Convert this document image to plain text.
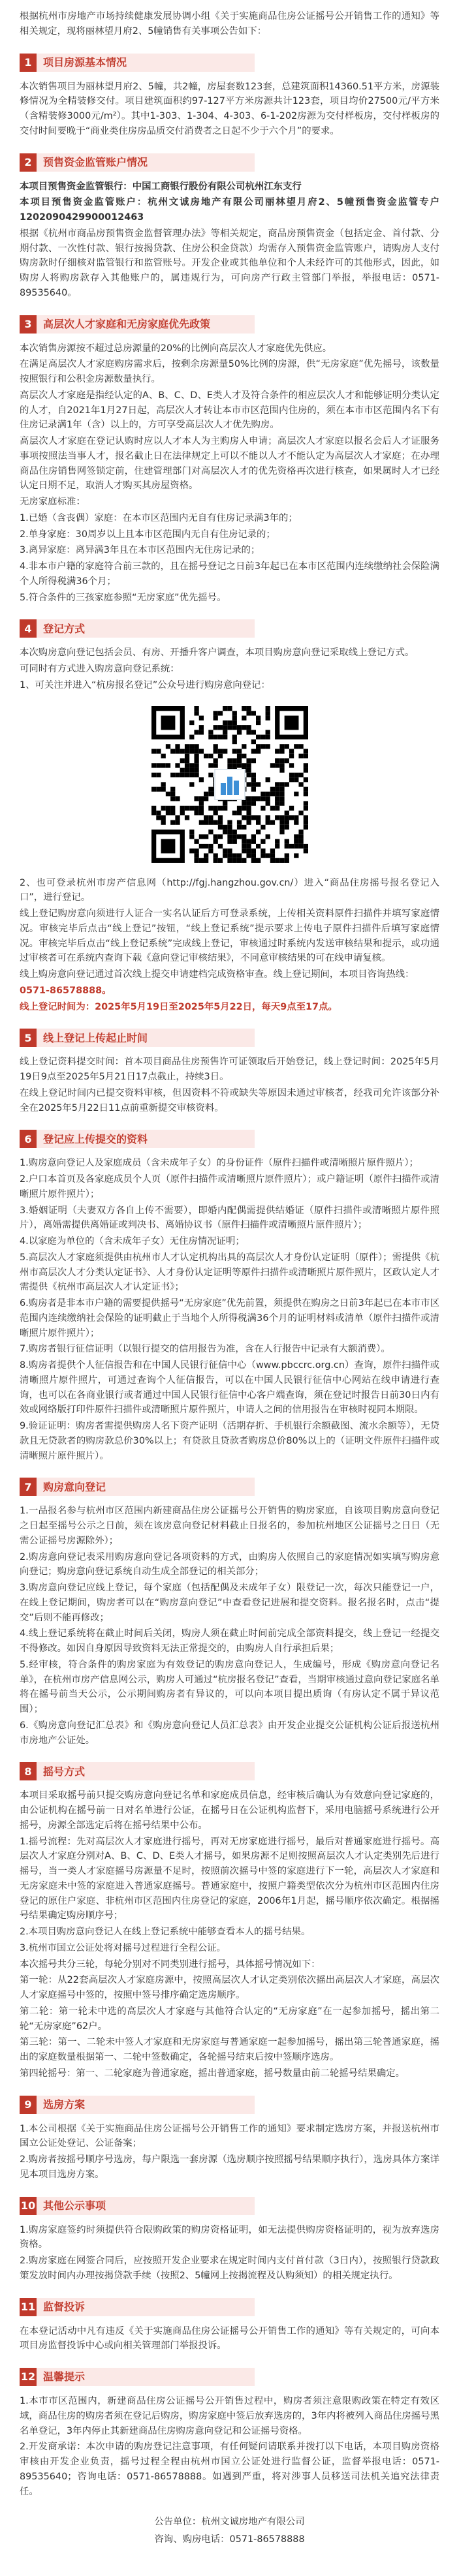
根据杭州市房地产市场持续健康发展协调小组《关于实施商品住房公证摇号公开销售工作的通知》等相关规定，现将丽林望月府2、5幢销售有关事项公告如下：

1	项目房源基本情况

本次销售项目为丽林望月府2、5幢，共2幢，房屋套数123套，总建筑面积14360.51平方米，房源装修情况为全精装修交付。项目建筑面积约97-127平方米房源共计123套，项目均价27500元/平方米（含精装修3000元/m²）。其中1-303、1-304、4-303、6-1-202房源为交付样板房，交付样板房的交付时间要晚于“商业类住房房品质交付消费者之日起不少于六个月”的要求。

2	预售资金监管账户情况

本项目预售资金监管银行：中国工商银行股份有限公司杭州江东支行

本项目预售资金监管账户：杭州文诚房地产有限公司丽林望月府2、5幢预售资金监管专户1202090429900012463

根据《杭州市商品房预售资金监督管理办法》等相关规定，商品房预售资金（包括定金、首付款、分期付款、一次性付款、银行按揭贷款、住房公积金贷款）均需存入预售资金监管账户，请购房人支付购房款时仔细核对监管银行和监管账号。开发企业或其他单位和个人未经许可的其他形式，因此，如购房人将购房款存入其他账户的，属违规行为，可向房产行政主管部门举报，举报电话：0571-89535640。

3	高层次人才家庭和无房家庭优先政策

本次销售房源按不超过总房源量的20%的比例向高层次人才家庭优先供应。

在满足高层次人才家庭购房需求后，按剩余房源量50%比例的房源，供“无房家庭”优先摇号，该数量按照银行和公积金房源数量执行。

高层次人才家庭是指经认定的A、B、C、D、E类人才及符合条件的相应层次人才和能够证明分类认定的人才，自2021年1月27日起，高层次人才转让本市市区范围内住房的，须在本市市区范围内名下有住房记录满1年（含）以上的，方可享受高层次人才优先购房。

高层次人才家庭在登记认购时应以人才本人为主购房人申请；高层次人才家庭以报名会后人才证服务事项按照法当事人才，报名截止日在法律规定上可以不能以人才不能认定为高层次人才家庭；在办理商品住房销售网签锁定前，住建管理部门对高层次人才的优先资格再次进行核查，如果属时人才已经认定日期不足，取消人才购买其房屋资格。

无房家庭标准：

1.已婚（含丧偶）家庭：在本市区范围内无自有住房记录满3年的；

2.单身家庭：30周岁以上且本市区范围内无自有住房记录的；

3.离异家庭：离异满3年且在本市区范围内无住房记录的；

4.非本市户籍的家庭符合前三款的，且在摇号登记之日前3年起已在本市区范围内连续缴纳社会保险满个人所得税满36个月；

5.符合条件的三孩家庭参照“无房家庭”优先摇号。

4	登记方式

本次购房意向登记包括会员、有房、开播升客户调查，本项目购房意向登记采取线上登记方式。

可同时有方式进入购房意向登记系统：

1、可关注并进入“杭房报名登记”公众号进行购房意向登记：

2、也可登录杭州市房产信息网（http://fgj.hangzhou.gov.cn/）进入“商品住房摇号报名登记入口”，进行登记。

线上登记购房意向须进行人证合一实名认证后方可登录系统，上传相关资料原件扫描件并填写家庭情况。审核完毕后点击“线上登记”按钮，“线上登记系统”提示要求上传电子原件扫描件后填写家庭情况。审核完毕后点击“线上登记系统”完成线上登记，审核通过时系统内发送审核结果和提示，或功通过审核者可在系统内查询下载《意向登记审核结果》，不同意审核结果的可在线申请复核。

线上购房意向登记通过首次线上提交申请建档完成资格审查。线上登记期间，本项目咨询热线：

0571-86578888。

线上登记时间为：2025年5月19日至2025年5月22日，每天9点至17点。

5	线上登记上传起止时间

线上登记资料提交时间：首本项目商品住房预售许可证领取后开始登记，线上登记时间：2025年5月19日9点至2025年5月21日17点截止，持续3日。

在线上登记时间内已提交资料审核，但因资料不符或缺失等原因未通过审核者，经我司允许该部分补全在2025年5月22日11点前重新提交审核资料。

6	登记应上传提交的资料

1.购房意向登记人及家庭成员（含未成年子女）的身份证件（原件扫描件或清晰照片原件照片）；

2.户口本首页及各家庭成员个人页（原件扫描件或清晰照片原件照片）；或户籍证明（原件扫描件或清晰照片原件照片）；

3.婚姻证明（夫妻双方各自上传不需要），即婚内配偶需提供结婚证（原件扫描件或清晰照片原件照片），离婚需提供离婚证或判决书、离婚协议书（原件扫描件或清晰照片原件照片）；

4.以家庭为单位的（含未成年子女）无住房情况证明；

5.高层次人才家庭须提供由杭州市人才认定机构出具的高层次人才身份认定证明（原件）；需提供《杭州市高层次人才分类认定证书》、人才身份认定证明等原件扫描件或清晰照片原件照片，区政认定人才需提供《杭州市高层次人才认定证书》；

6.购房者是非本市户籍的需要提供摇号“无房家庭”优先前置，须提供在购房之日前3年起已在本市市区范围内连续缴纳社会保险的证明截止于当地个人所得税满36个月的证明材料或清单（原件扫描件或清晰照片原件照片）；

7.购房者银行征信证明（以银行提交的信用报告为准，含在人行报告中记录有大额消费）。

8.购房者提供个人征信报告和在中国人民银行征信中心（www.pbccrc.org.cn）查询，原件扫描件或清晰照片原件照片，可通过查询个人征信报告，可以在中国人民银行征信中心网站在线申请进行查询，也可以在各商业银行或者通过中国人民银行征信中心客户端查询，须在登记时报告日前30日内有效或网络版打印件原件扫描件或清晰照片原件照片，申请人之间的信用报告在审核时视同本期限。

9.验证证明：购房者需提供购房人名下资产证明（活期存折、手机银行余额截图、流水余额等），无贷款且无贷款者的购房款总价30%以上；有贷款且贷款者购房总价80%以上的（证明文件原件扫描件或清晰照片原件照片）。

7	购房意向登记

1.一品报名参与杭州市区范围内新建商品住房公证摇号公开销售的购房家庭，自该项目购房意向登记之日起至摇号公示之日前，须在该房意向登记材料截止日报名的，参加杭州地区公证摇号之日日（无需公证摇号房源除外）；

2.购房意向登记表采用购房意向登记各项资料的方式，由购房人依照自己的家庭情况如实填写购房意向登记；购房意向登记系统自动生成全部登记的相关部分；

3.购房意向登记应线上登记，每个家庭（包括配偶及未成年子女）限登记一次，每次只能登记一户，在线上登记期间，购房者可以在“购房意向登记”中查看登记进展和提交资料。报名报名时，点击“提交”后则不能再修改；

4.线上登记系统将在截止时间后关闭，购房人须在截止时间前完成全部资料提交，线上登记一经提交不得修改。如因自身原因导致资料无法正常提交的，由购房人自行承担后果；

5.经审核，符合条件的购房家庭为有效登记的购房意向登记人，生成编号，形成《购房意向登记名单》，在杭州市房产信息网公示，购房人可通过“杭房报名登记”查看，当期审核通过意向登记家庭名单将在摇号前当天公示，公示期间购房者有异议的，可以向本项目提出质询（有房认定不属于异议范围）；

6.《购房意向登记汇总表》和《购房意向登记人员汇总表》由开发企业提交公证机构公证后报送杭州市房地产公证处。

8	摇号方式

本项目采取摇号前只提交购房意向登记名单和家庭成员信息，经审核后确认为有效意向登记家庭的，由公证机构在摇号前一日对名单进行公证，在摇号日在公证机构监督下，采用电脑摇号系统进行公开摇号，房源全部选定后将在摇号结果中公布。

1.摇号流程：先对高层次人才家庭进行摇号，再对无房家庭进行摇号，最后对普通家庭进行摇号。高层次人才家庭分别对A、B、C、D、E类人才摇号，如果房源不足则按照高层次人才认定类别先后进行摇号，当一类人才家庭摇号房源量不足时，按照前次摇号中签的家庭进行下一轮，高层次人才家庭和无房家庭未中签的家庭进入普通家庭摇号。普通家庭中，按照户籍类型依次分为杭州市区范围内住房登记的原住户家庭、非杭州市区范围内住房登记的家庭，2006年1月起，摇号顺序依次确定。根据摇号结果确定购房顺序号；

2.本项目购房意向登记人在线上登记系统中能够查看本人的摇号结果。

3.杭州市国立公证处将对摇号过程进行全程公证。

本次摇号共分三轮，每轮分别对不同类别进行摇号，具体摇号情况如下：

第一轮：从22套高层次人才家庭房源中，按照高层次人才认定类别依次摇出高层次人才家庭，高层次人才家庭摇号中签的，按照中签号排序确定选房顺序。

第二轮：第一轮未中选的高层次人才家庭与其他符合认定的“无房家庭”在一起参加摇号，摇出第二轮“无房家庭”62户。

第三轮：第一、二轮未中签人才家庭和无房家庭与普通家庭一起参加摇号，摇出第三轮普通家庭，摇出的家庭数量根据第一、二轮中签数确定，各轮摇号结束后按中签顺序选房。

第四轮摇号：第一、二轮家庭为普通家庭，摇出普通家庭，摇号数量由前二轮摇号结果确定。

9	选房方案

1.本公司根据《关于实施商品住房公证摇号公开销售工作的通知》要求制定选房方案，并报送杭州市国立公证处登记、公证备案；

2.购房者按摇号顺序号选房，每户限选一套房源（选房顺序按照摇号结果顺序执行），选房具体方案详见本项目选房方案。

10 其他公示事项

1.购房家庭签约时须提供符合限购政策的购房资格证明，如无法提供购房资格证明的，视为放弃选房资格。

2.购房家庭在网签合同后，应按照开发企业要求在规定时间内支付首付款（3日内），按照银行贷款政策发放时间内办理按揭贷款手续（按照2、5幢网上按揭流程及认购须知）的相关规定执行。

11 监督投诉

在本登记活动中凡有违反《关于实施商品住房公证摇号公开销售工作的通知》等有关规定的，可向本项目房监督投诉中心或向相关管理部门举报投诉。

12 温馨提示

1.本市市区范围内，新建商品住房公证摇号公开销售过程中，购房者须注意限购政策在特定有效区域，商品住房的购房者须在登记后购房，购房家庭中签后放弃选房的，3年内将被列入商品住房摇号黑名单登记，3年内停止其新建商品住房购房意向登记和公证摇号资格。

2.开发商承诺：本次申请的购房登记注意事项，有任何疑问请联系并拨打以下电话，本项目购房资格审核由开发企业负责，摇号过程全程由杭州市国立公证处进行监督公证，监督举报电话：0571-89535640；咨询电话：0571-86578888。如遇到严重，将对涉事人员移送司法机关追究法律责任。

公告单位：杭州文诚房地产有限公司

咨询、购房电话：0571-86578888
